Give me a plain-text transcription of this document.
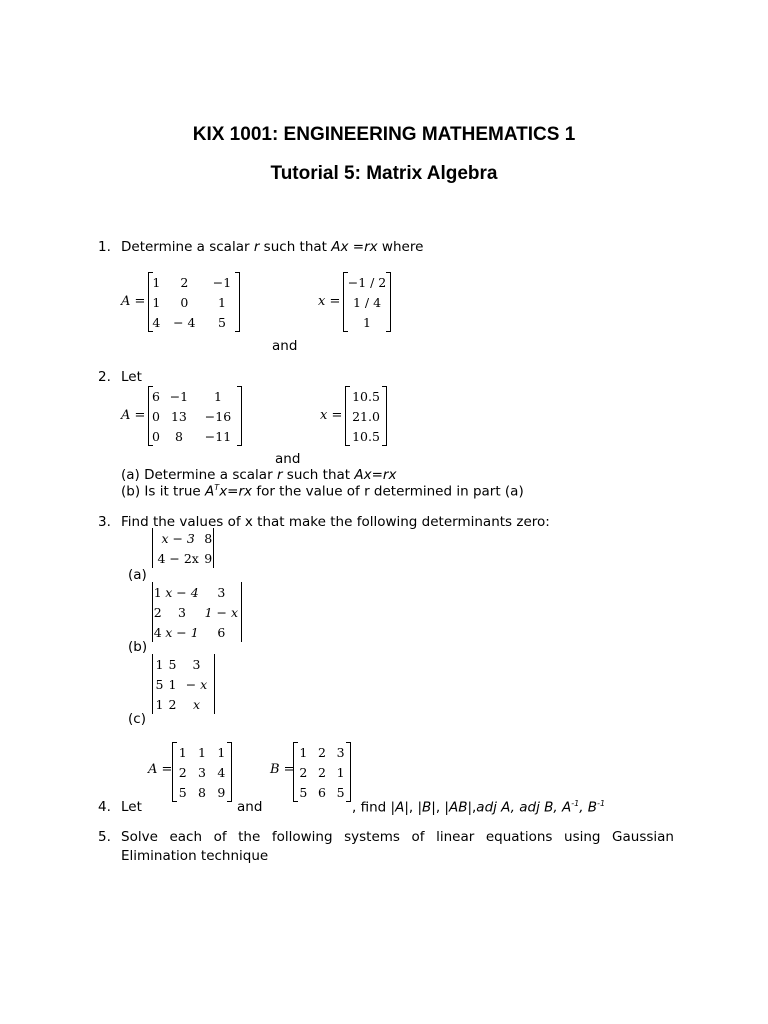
KIX 1001: ENGINEERING MATHEMATICS 1
Tutorial 5: Matrix Algebra
1. Determine a scalar r such that Ax =rx where
A =
1	2	−1
1	0	1
4	− 4	5
x =
−1 / 2
1 / 4
1
and
2. Let
A =
6	−1	1
0	13	−16
0	8	−11
x =
10.5
21.0
10.5
and
(a) Determine a scalar r such that Ax=rx
(b) Is it true $A^Tx=rx$ for the value of r determined in part (a)
3. Find the values of x that make the following determinants zero:
x − 3	8
4 − 2x	9
(a)
1	x − 4	3
2	3	1 − x
4	x − 1	6
(b)
1	5	3
5	1	− x
1	2	x
(c)
A =
1	1	1
2	3	4
5	8	9
B =
1	2	3
2	2	1
5	6	5
4. Let	and	, find |A|, |B|, |AB|,adj A, adj B, $A^{-1}$, $B^{-1}$
5. Solve each of the following systems of linear equations using Gaussian
Elimination technique
